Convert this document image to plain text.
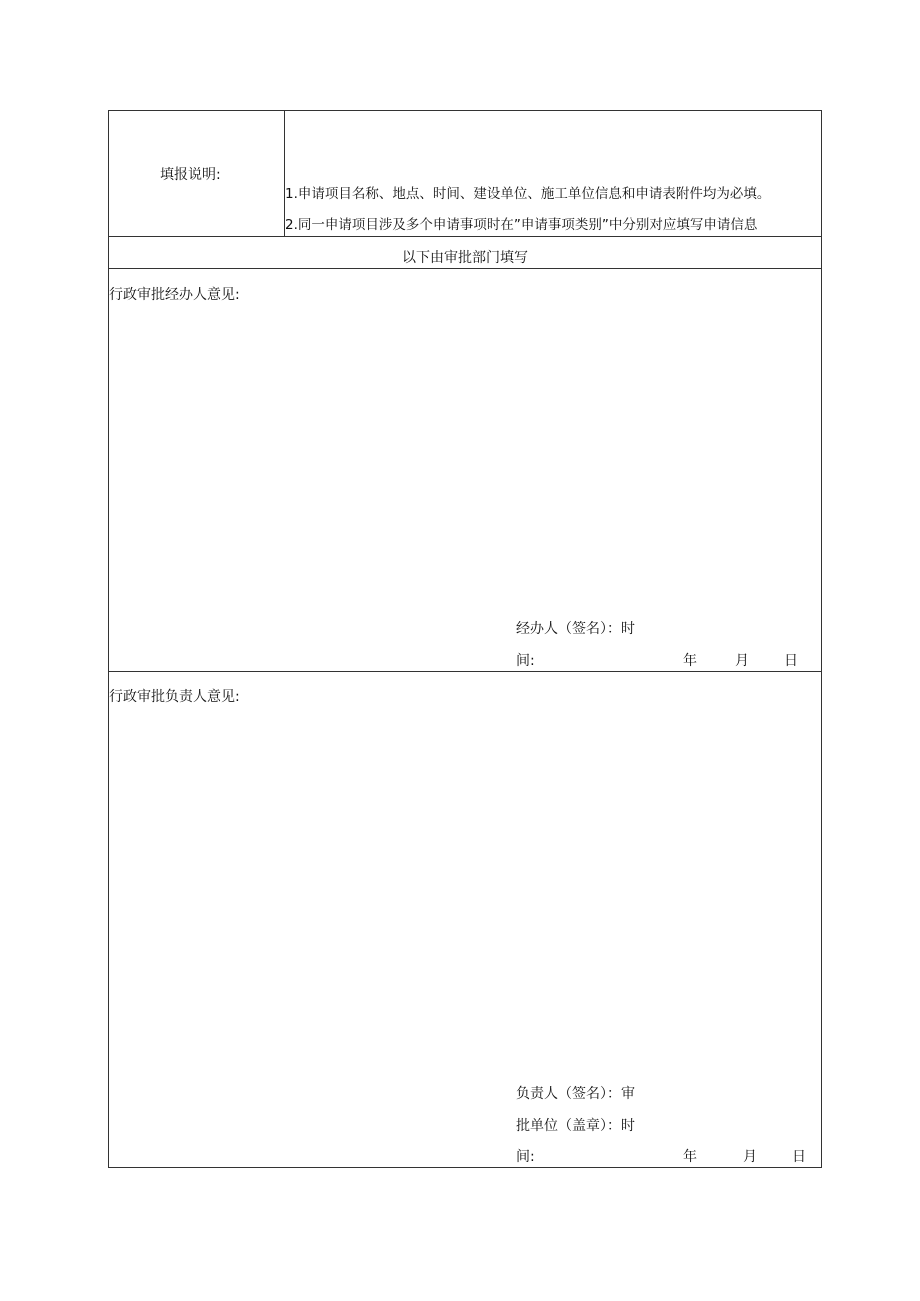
填报说明:
1.申请项目名称、地点、时间、建设单位、施工单位信息和申请表附件均为必填。
2.同一申请项目涉及多个申请事项时在”申请事项类别”中分别对应填写申请信息
以下由审批部门填写
行政审批经办人意见:
经办人（签名）：时
间:	年	月	日
行政审批负责人意见:
负责人（签名）：审
批单位（盖章）：时
间:	年	月	日
